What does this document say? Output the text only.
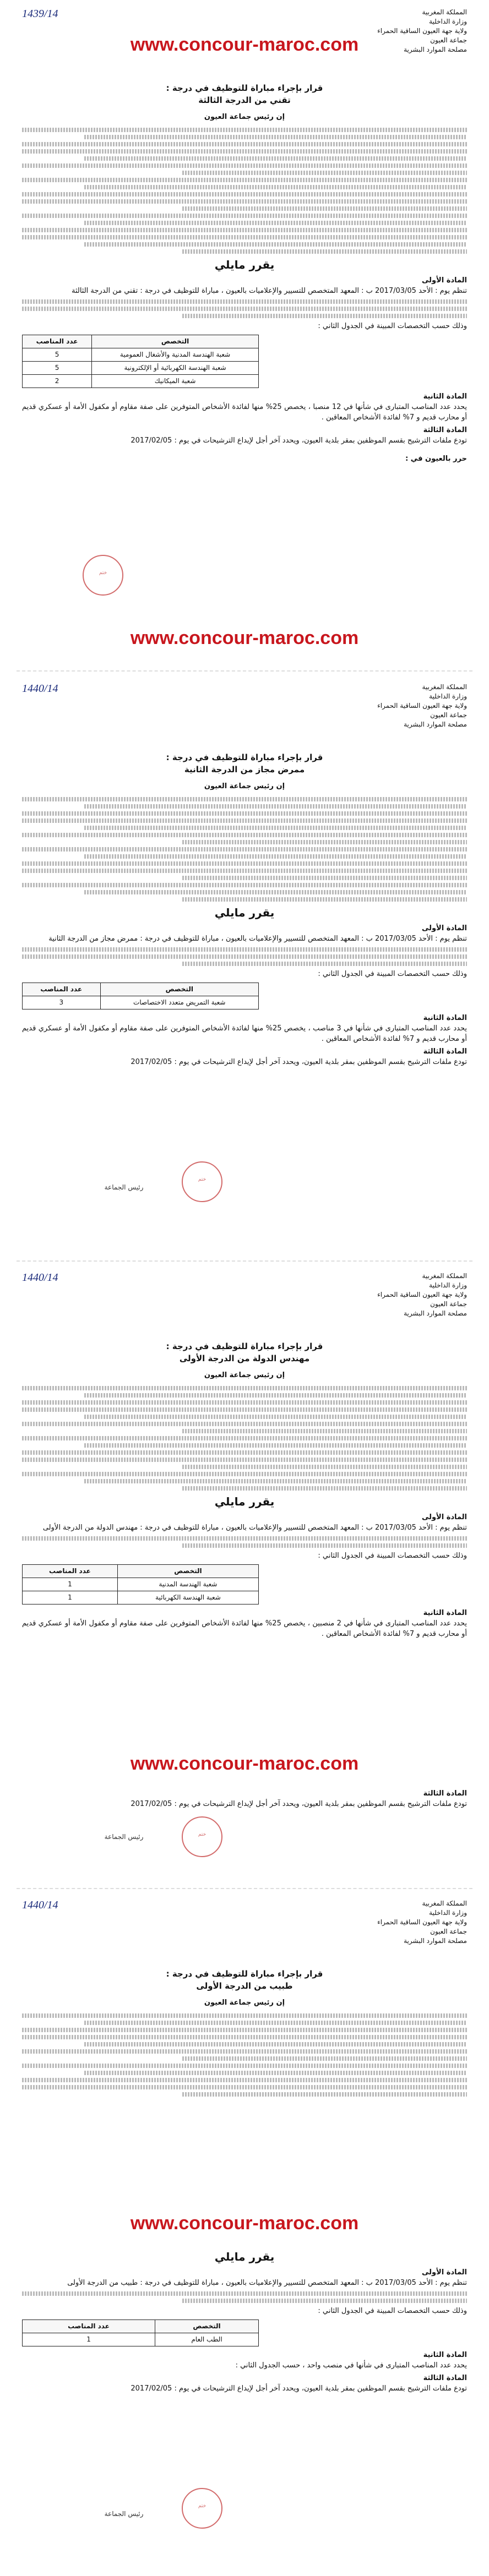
www.concour-maroc.com
1439/14	المملكة المغربية
وزارة الداخلية
ولاية جهة العيون الساقية الحمراء
جماعة العيون
مصلحة الموارد البشرية
قرار بإجراء مباراة للتوظيف في درجة :
تقني من الدرجة الثالثة
إن رئيس جماعة العيون
يقرر مايلي
المادة الأولى

تنظم يوم : الأحد 2017/03/05 ب : المعهد المتخصص للتسيير والإعلاميات بالعيون ، مباراة للتوظيف في درجة : تقني من الدرجة الثالثة

وذلك حسب التخصصات المبينة في الجدول الثاني :
التخصص	عدد المناصب
شعبة الهندسة المدنية والأشغال العمومية	5
شعبة الهندسة الكهربائية أو الإلكترونية	5
شعبة الميكانيك	2
المادة الثانية

يحدد عدد المناصب المتبارى في شأنها في 12 منصبا ، يخصص 25% منها لفائدة الأشخاص المتوفرين على صفة مقاوم أو مكفول الأمة أو عسكري قديم أو محارب قديم و 7% لفائدة الأشخاص المعاقين .

المادة الثالثة

تودع ملفات الترشيح بقسم الموظفين بمقر بلدية العيون، ويحدد آخر أجل لإيداع الترشيحات في يوم : 2017/02/05

حرر بالعيون في :
ختم
www.concour-maroc.com
1440/14	المملكة المغربية
وزارة الداخلية
ولاية جهة العيون الساقية الحمراء
جماعة العيون
مصلحة الموارد البشرية
قرار بإجراء مباراة للتوظيف في درجة :
ممرض مجاز من الدرجة الثانية
إن رئيس جماعة العيون
يقرر مايلي
المادة الأولى

تنظم يوم : الأحد 2017/03/05 ب : المعهد المتخصص للتسيير والإعلاميات بالعيون ، مباراة للتوظيف في درجة : ممرض مجاز من الدرجة الثانية

وذلك حسب التخصصات المبينة في الجدول الثاني :
التخصص	عدد المناصب
شعبة التمريض متعدد الاختصاصات	3
المادة الثانية

يحدد عدد المناصب المتبارى في شأنها في 3 مناصب ، يخصص 25% منها لفائدة الأشخاص المتوفرين على صفة مقاوم أو مكفول الأمة أو عسكري قديم أو محارب قديم و 7% لفائدة الأشخاص المعاقين .

المادة الثالثة

تودع ملفات الترشيح بقسم الموظفين بمقر بلدية العيون، ويحدد آخر أجل لإيداع الترشيحات في يوم : 2017/02/05

رئيس الجماعة
ختم
1440/14	المملكة المغربية
وزارة الداخلية
ولاية جهة العيون الساقية الحمراء
جماعة العيون
مصلحة الموارد البشرية
قرار بإجراء مباراة للتوظيف في درجة :
مهندس الدولة من الدرجة الأولى
إن رئيس جماعة العيون
يقرر مايلي
المادة الأولى

تنظم يوم : الأحد 2017/03/05 ب : المعهد المتخصص للتسيير والإعلاميات بالعيون ، مباراة للتوظيف في درجة : مهندس الدولة من الدرجة الأولى

وذلك حسب التخصصات المبينة في الجدول الثاني :
التخصص	عدد المناصب
شعبة الهندسة المدنية	1
شعبة الهندسة الكهربائية	1
المادة الثانية

يحدد عدد المناصب المتبارى في شأنها في 2 منصبين ، يخصص 25% منها لفائدة الأشخاص المتوفرين على صفة مقاوم أو مكفول الأمة أو عسكري قديم أو محارب قديم و 7% لفائدة الأشخاص المعاقين .

www.concour-maroc.com
المادة الثالثة

تودع ملفات الترشيح بقسم الموظفين بمقر بلدية العيون، ويحدد آخر أجل لإيداع الترشيحات في يوم : 2017/02/05

رئيس الجماعة	ختم
1440/14	المملكة المغربية
وزارة الداخلية
ولاية جهة العيون الساقية الحمراء
جماعة العيون
مصلحة الموارد البشرية
قرار بإجراء مباراة للتوظيف في درجة :
طبيب من الدرجة الأولى
إن رئيس جماعة العيون
www.concour-maroc.com
يقرر مايلي
المادة الأولى

تنظم يوم : الأحد 2017/03/05 ب : المعهد المتخصص للتسيير والإعلاميات بالعيون ، مباراة للتوظيف في درجة : طبيب من الدرجة الأولى

وذلك حسب التخصصات المبينة في الجدول الثاني :
التخصص	عدد المناصب
الطب العام	1
المادة الثانية

يحدد عدد المناصب المتبارى في شأنها في منصب واحد ، حسب الجدول الثاني :

المادة الثالثة

تودع ملفات الترشيح بقسم الموظفين بمقر بلدية العيون، ويحدد آخر أجل لإيداع الترشيحات في يوم : 2017/02/05

رئيس الجماعة
ختم
